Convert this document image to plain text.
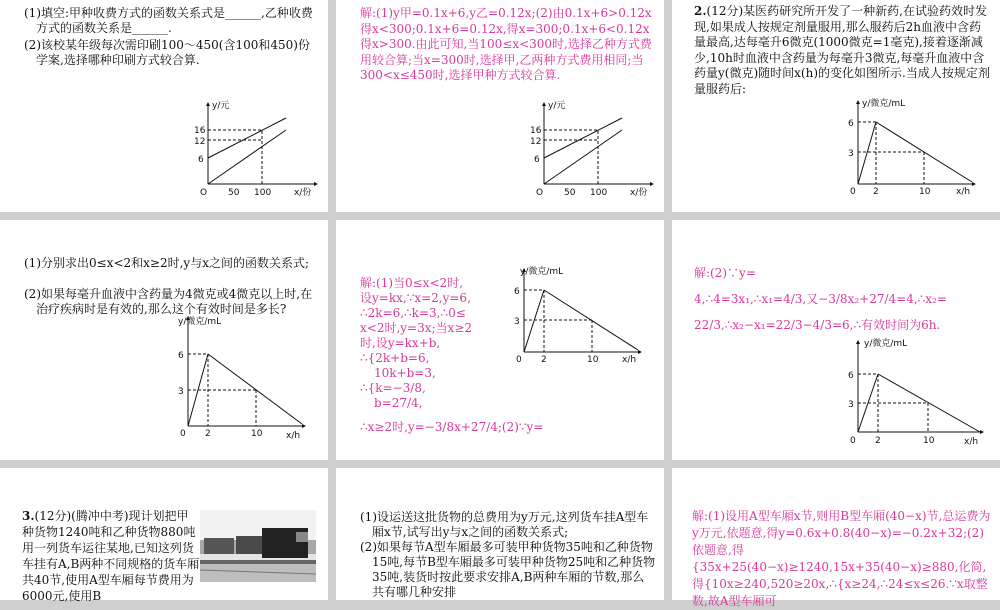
(1)填空:甲种收费方式的函数关系式是______,乙种收费方式的函数关系是______.
(2)该校某年级每次需印刷100～450(含100和450)份学案,选择哪种印刷方式较合算.
y/元
x/份
16
12
6
O 50 100
解:(1)y甲=0.1x+6,y乙=0.12x;(2)由0.1x+6>0.12x得x<300;0.1x+6=0.12x,得x=300;0.1x+6<0.12x得x>300.由此可知,当100≤x<300时,选择乙种方式费用较合算;当x=300时,选择甲,乙两种方式费用相同;当300<x≤450时,选择甲种方式较合算.
y/元
x/份
16
12
6
O 50 100
2.(12分)某医药研究所开发了一种新药,在试验药效时发现,如果成人按规定剂量服用,那么服药后2h血液中含药量最高,达每毫升6微克(1000微克=1毫克),接着逐渐减少,10h时血液中含药量为每毫升3微克,每毫升血液中含药量y(微克)随时间x(h)的变化如图所示.当成人按规定剂量服药后:
y/微克/mL
x/h
6
3
0 2	10
(1)分别求出0≤x<2和x≥2时,y与x之间的函数关系式;
(2)如果每毫升血液中含药量为4微克或4微克以上时,在治疗疾病时是有效的,那么这个有效时间是多长?
y/微克/mL
x/h
6
3
0 2	10
解:(1)当0≤x<2时,
设y=kx,∵x=2,y=6,
∴2k=6,∴k=3,∴0≤
x<2时,y=3x;当x≥2
时,设y=kx+b,
∴{2k+b=6,
10k+b=3,
∴{k=−3/8,
b=27/4,
∴x≥2时,y=−3/8x+27/4;(2)∵y=
y/微克/mL
x/h
6
3
0 2	10
解:(2)∵y=
4,∴4=3x₁,∴x₁=4/3,又−3/8x₂+27/4=4,∴x₂=
22/3,∴x₂−x₁=22/3−4/3=6,∴有效时间为6h.
y/微克/mL
x/h
6
3
0 2	10
3.(12分)(腾冲中考)现计划把甲种货物1240吨和乙种货物880吨用一列货车运往某地,已知这列货车挂有A,B两种不同规格的货车厢共40节,使用A型车厢每节费用为6000元,使用B
(1)设运送这批货物的总费用为y万元,这列货车挂A型车厢x节,试写出y与x之间的函数关系式;
(2)如果每节A型车厢最多可装甲种货物35吨和乙种货物15吨,每节B型车厢最多可装甲种货物25吨和乙种货物35吨,装货时按此要求安排A,B两种车厢的节数,那么共有哪几种安排
解:(1)设用A型车厢x节,则用B型车厢(40−x)节,总运费为y万元,依题意,得y=0.6x+0.8(40−x)=−0.2x+32;(2)依题意,得{35x+25(40−x)≥1240,15x+35(40−x)≥880,化简,得{10x≥240,520≥20x,∴{x≥24,∴24≤x≤26.∵x取整数,故A型车厢可
